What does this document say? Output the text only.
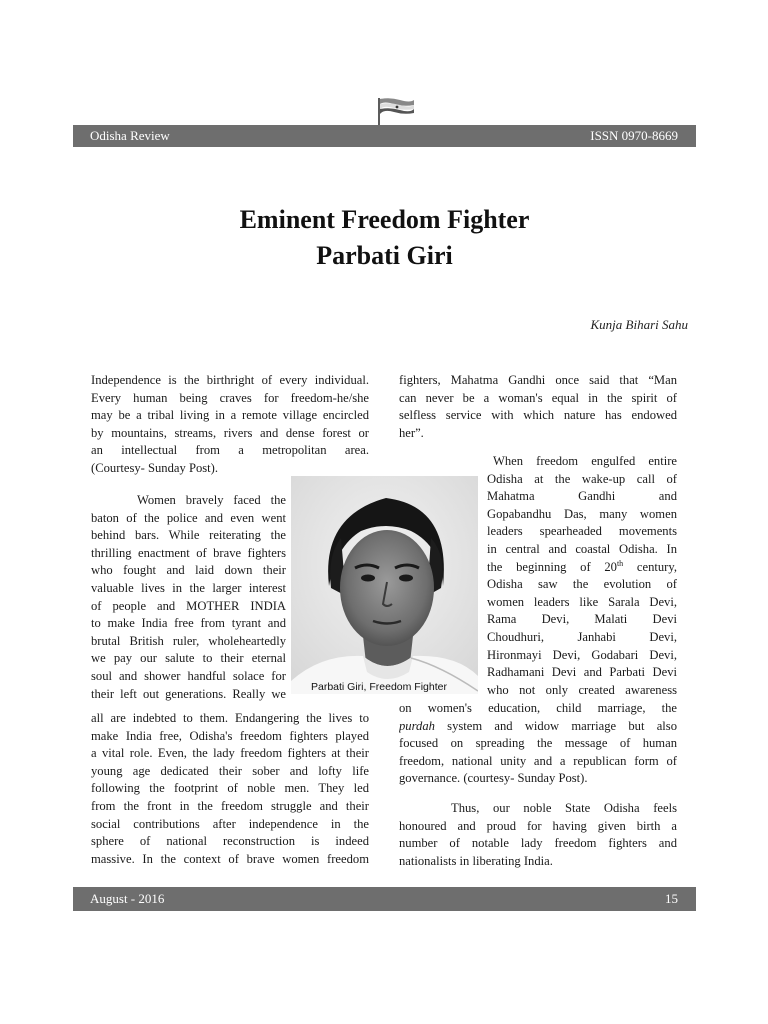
Odisha Review	ISSN 0970-8669
Eminent Freedom Fighter
Parbati Giri
Kunja Bihari Sahu
Independence is the birthright of every individual.
Every human being craves for freedom-he/she
may be a tribal living in a remote village encircled
by mountains, streams, rivers and dense forest or
an intellectual from a metropolitan area.
(Courtesy- Sunday Post).
Women bravely faced the
baton of the police and even went
behind bars. While reiterating the
thrilling enactment of brave fighters
who fought and laid down their
valuable lives in the larger interest
of people and MOTHER INDIA
to make India free from tyrant and
brutal British ruler, wholeheartedly
we pay our salute to their eternal
soul and shower handful solace for
their left out generations. Really we
all are indebted to them. Endangering the lives to
make India free, Odisha's freedom fighters played
a vital role. Even, the lady freedom fighters at their
young age dedicated their sober and lofty life
following the footprint of noble men. They led
from the front in the freedom struggle and their
social contributions after independence in the
sphere of national reconstruction is indeed
massive. In the context of brave women freedom
Parbati Giri, Freedom Fighter
fighters, Mahatma Gandhi once said that “Man
can never be a woman's equal in the spirit of
selfless service with which nature has endowed
her”.
When freedom engulfed entire
Odisha at the wake-up call of
Mahatma Gandhi and
Gopabandhu Das, many women
leaders spearheaded movements
in central and coastal Odisha. In
the beginning of 20th century,
Odisha saw the evolution of
women leaders like Sarala Devi,
Rama Devi, Malati Devi
Choudhuri, Janhabi Devi,
Hironmayi Devi, Godabari Devi,
Radhamani Devi and Parbati Devi
who not only created awareness
on women's education, child marriage, the
purdah system and widow marriage but also
focused on spreading the message of human
freedom, national unity and a republican form of
governance. (courtesy- Sunday Post).
Thus, our noble State Odisha feels
honoured and proud for having given birth a
number of notable lady freedom fighters and
nationalists in liberating India.
August - 2016	15
